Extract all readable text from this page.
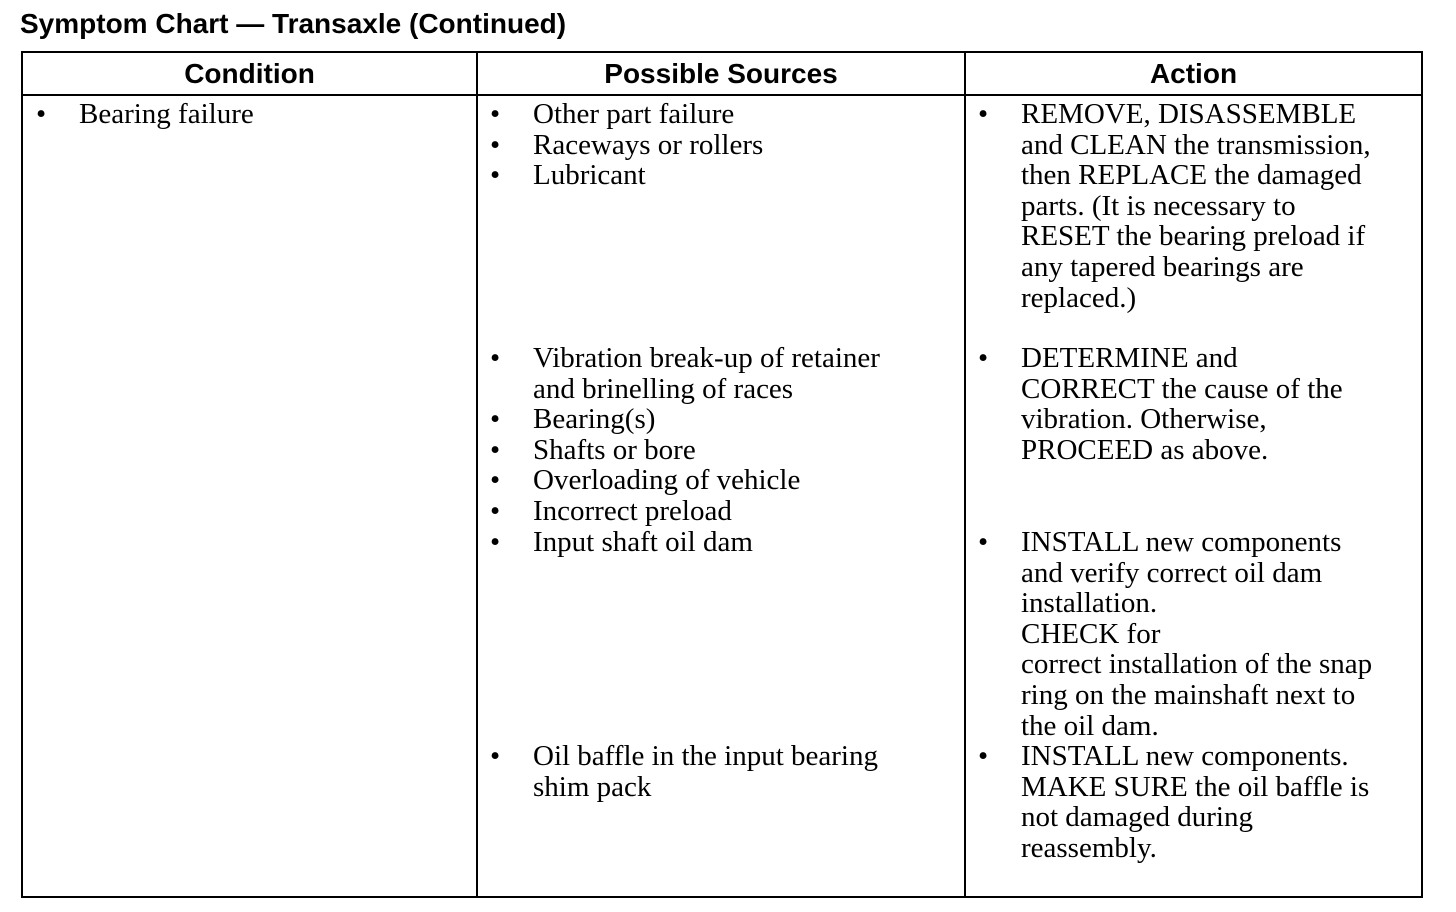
Symptom Chart — Transaxle (Continued)
Condition	Possible Sources	Action
• Bearing failure
•	Other part failure
• Raceways or rollers
• Lubricant
• Vibration break-up of retainer
and brinelling of races
• Bearing(s)
• Shafts or bore
• Overloading of vehicle
• Incorrect preload
• Input shaft oil dam
• Oil baffle in the input bearing
shim pack
• REMOVE, DISASSEMBLE
and CLEAN the transmission,
then REPLACE the damaged
parts. (It is necessary to
RESET the bearing preload if
any tapered bearings are
replaced.)
• DETERMINE and
CORRECT the cause of the
vibration. Otherwise,
PROCEED as above.
• INSTALL new components
and verify correct oil dam
installation.
CHECK for
correct installation of the snap
ring on the mainshaft next to
the oil dam.
• INSTALL new components.
MAKE SURE the oil baffle is
not damaged during
reassembly.
